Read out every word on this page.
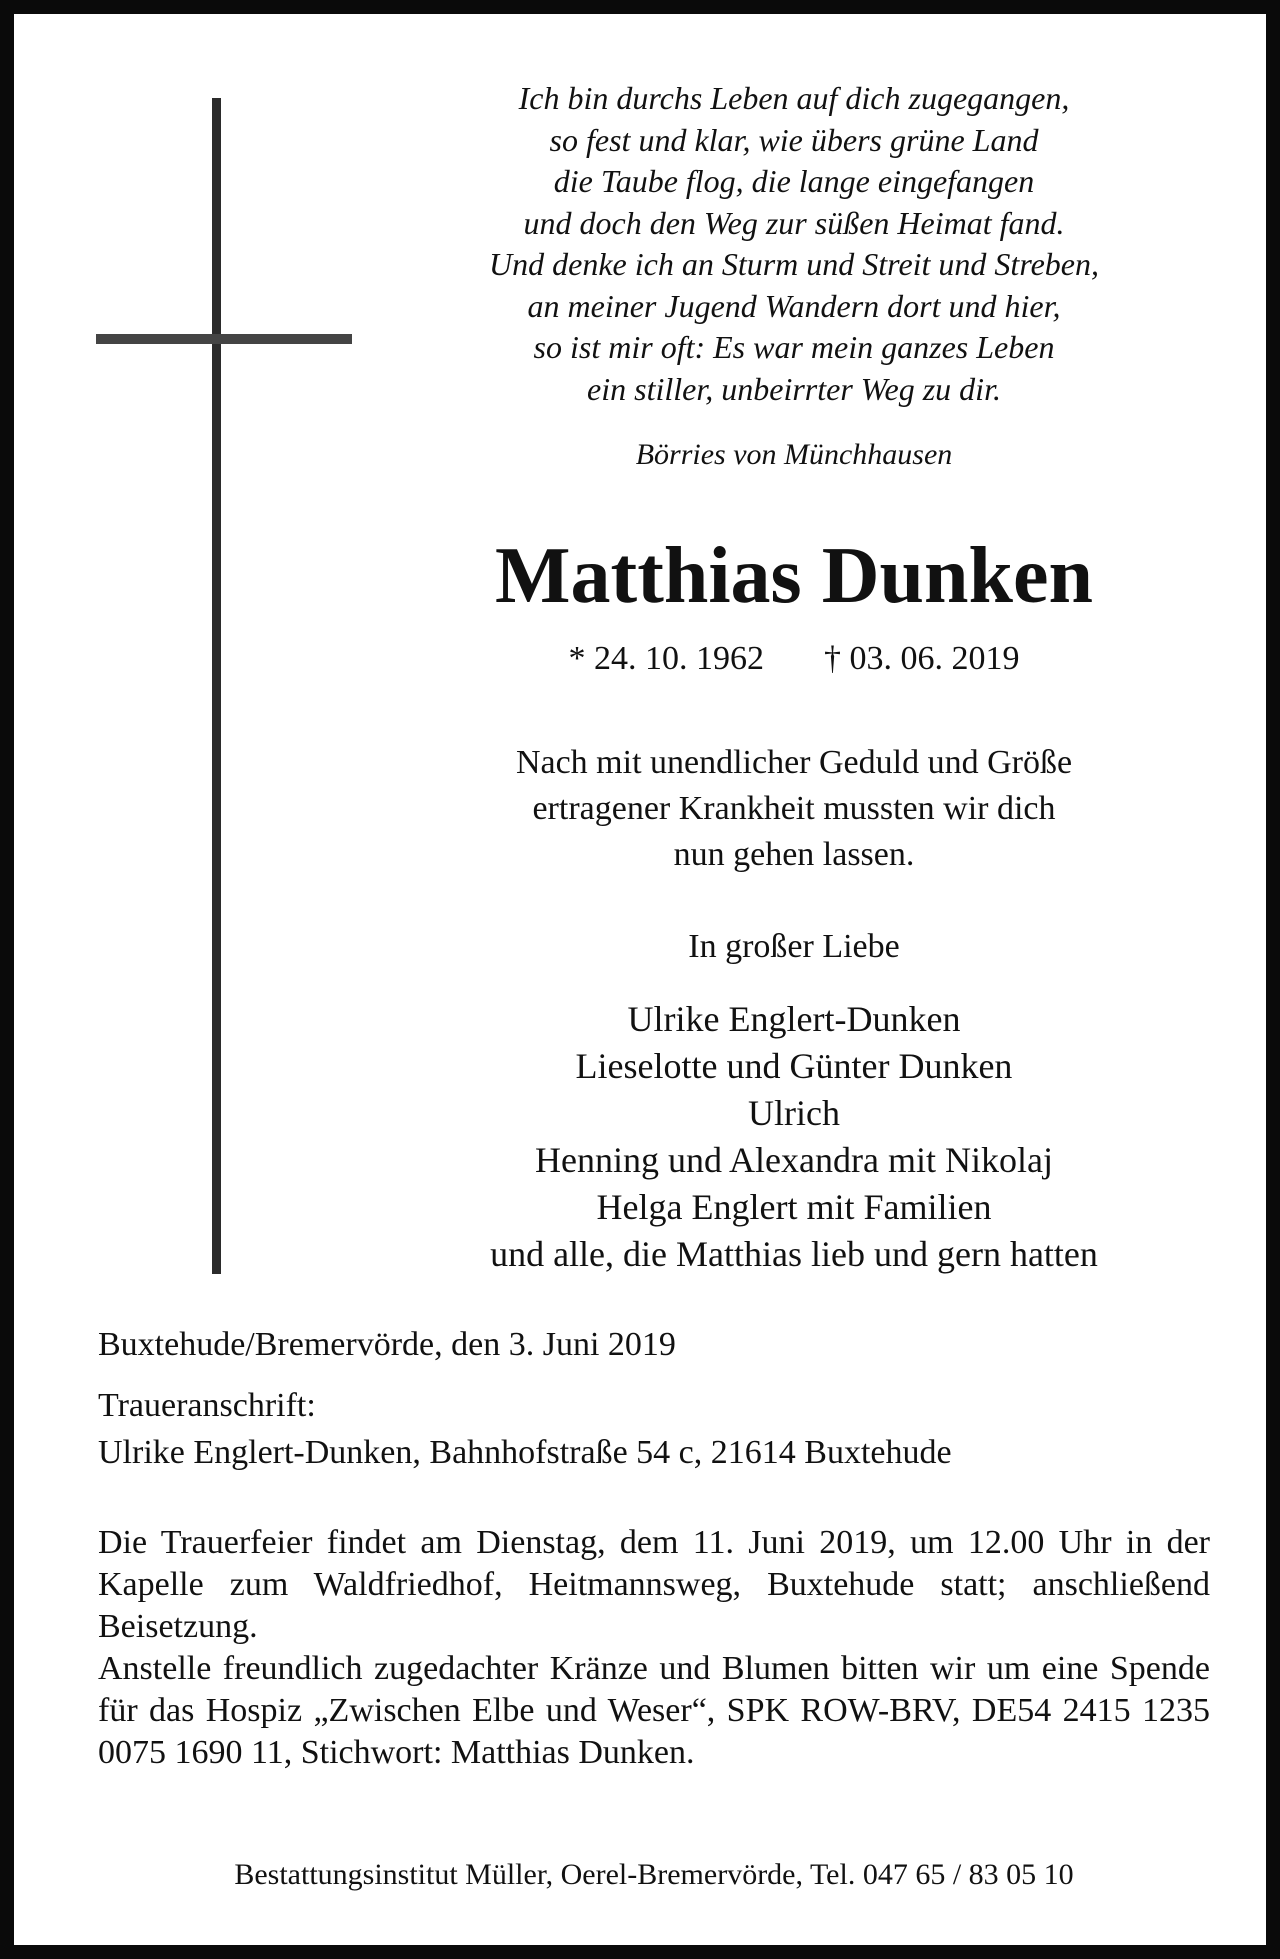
Ich bin durchs Leben auf dich zugegangen,
so fest und klar, wie übers grüne Land
die Taube flog, die lange eingefangen
und doch den Weg zur süßen Heimat fand.
Und denke ich an Sturm und Streit und Streben,
an meiner Jugend Wandern dort und hier,
so ist mir oft: Es war mein ganzes Leben
ein stiller, unbeirrter Weg zu dir.

Börries von Münchhausen

Matthias Dunken

* 24. 10. 1962 † 03. 06. 2019

Nach mit unendlicher Geduld und Größe
ertragener Krankheit mussten wir dich
nun gehen lassen.

In großer Liebe

Ulrike Englert-Dunken
Lieselotte und Günter Dunken
Ulrich
Henning und Alexandra mit Nikolaj
Helga Englert mit Familien
und alle, die Matthias lieb und gern hatten

Buxtehude/Bremervörde, den 3. Juni 2019

Traueranschrift:

Ulrike Englert-Dunken, Bahnhofstraße 54 c, 21614 Buxtehude

Die Trauerfeier findet am Dienstag, dem 11. Juni 2019, um 12.00 Uhr in der Kapelle zum Waldfriedhof, Heitmannsweg, Buxtehude statt; anschließend Beisetzung.
Anstelle freundlich zugedachter Kränze und Blumen bitten wir um eine Spende für das Hospiz „Zwischen Elbe und Weser“, SPK ROW-BRV, DE54 2415 1235 0075 1690 11, Stichwort: Matthias Dunken.

Bestattungsinstitut Müller, Oerel-Bremervörde, Tel. 047 65 / 83 05 10
